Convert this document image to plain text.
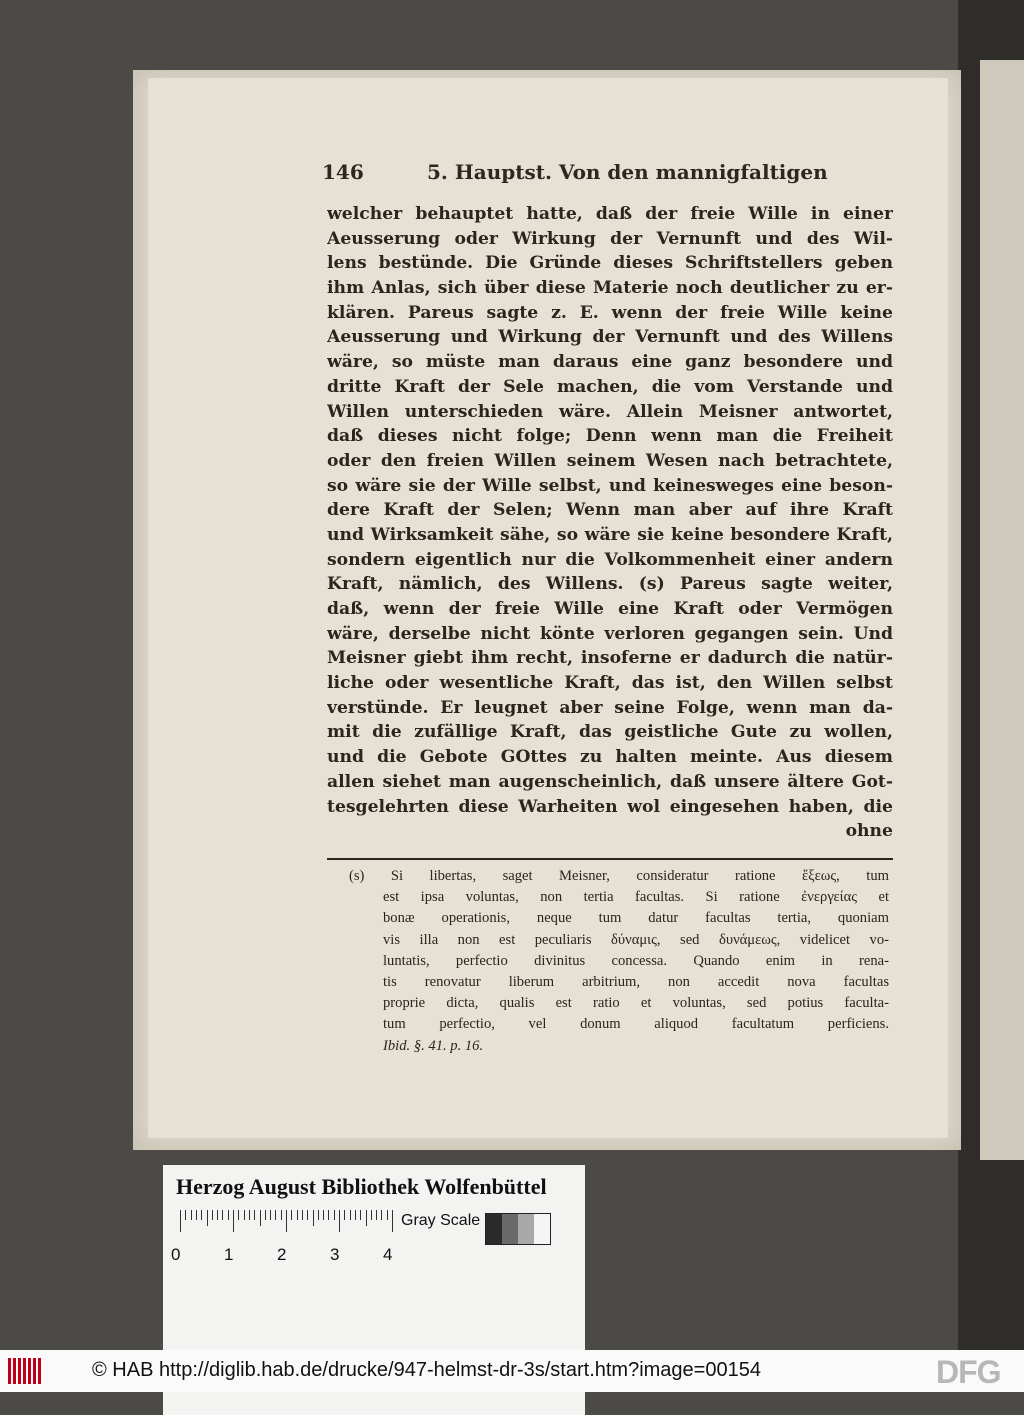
146	5. Hauptst. Von den mannigfaltigen
welcher behauptet hatte, daß der freie Wille in einer
Aeusserung oder Wirkung der Vernunft und des Wil-
lens bestünde. Die Gründe dieses Schriftstellers geben
ihm Anlas, sich über diese Materie noch deutlicher zu er-
klären. Pareus sagte z. E. wenn der freie Wille keine
Aeusserung und Wirkung der Vernunft und des Willens
wäre, so müste man daraus eine ganz besondere und
dritte Kraft der Sele machen, die vom Verstande und
Willen unterschieden wäre. Allein Meisner antwortet,
daß dieses nicht folge; Denn wenn man die Freiheit
oder den freien Willen seinem Wesen nach betrachtete,
so wäre sie der Wille selbst, und keinesweges eine beson-
dere Kraft der Selen; Wenn man aber auf ihre Kraft
und Wirksamkeit sähe, so wäre sie keine besondere Kraft,
sondern eigentlich nur die Volkommenheit einer andern
Kraft, nämlich, des Willens. (s) Pareus sagte weiter,
daß, wenn der freie Wille eine Kraft oder Vermögen
wäre, derselbe nicht könte verloren gegangen sein. Und
Meisner giebt ihm recht, insoferne er dadurch die natür-
liche oder wesentliche Kraft, das ist, den Willen selbst
verstünde. Er leugnet aber seine Folge, wenn man da-
mit die zufällige Kraft, das geistliche Gute zu wollen,
und die Gebote GOttes zu halten meinte. Aus diesem
allen siehet man augenscheinlich, daß unsere ältere Got-
tesgelehrten diese Warheiten wol eingesehen haben, die
ohne
(s) Si libertas, saget Meisner, consideratur ratione ἕξεως, tum
est ipsa voluntas, non tertia facultas. Si ratione ἐνεργείας et
bonæ operationis, neque tum datur facultas tertia, quoniam
vis illa non est peculiaris δύναμις, sed δυνάμεως, videlicet vo-
luntatis, perfectio divinitus concessa. Quando enim in rena-
tis renovatur liberum arbitrium, non accedit nova facultas
proprie dicta, qualis est ratio et voluntas, sed potius faculta-
tum perfectio, vel donum aliquod facultatum perficiens.
Ibid. §. 41. p. 16.
Herzog August Bibliothek Wolfenbüttel
0	1	2	3	4
Gray Scale
© HAB http://diglib.hab.de/drucke/947-helmst-dr-3s/start.htm?image=00154	DFG
